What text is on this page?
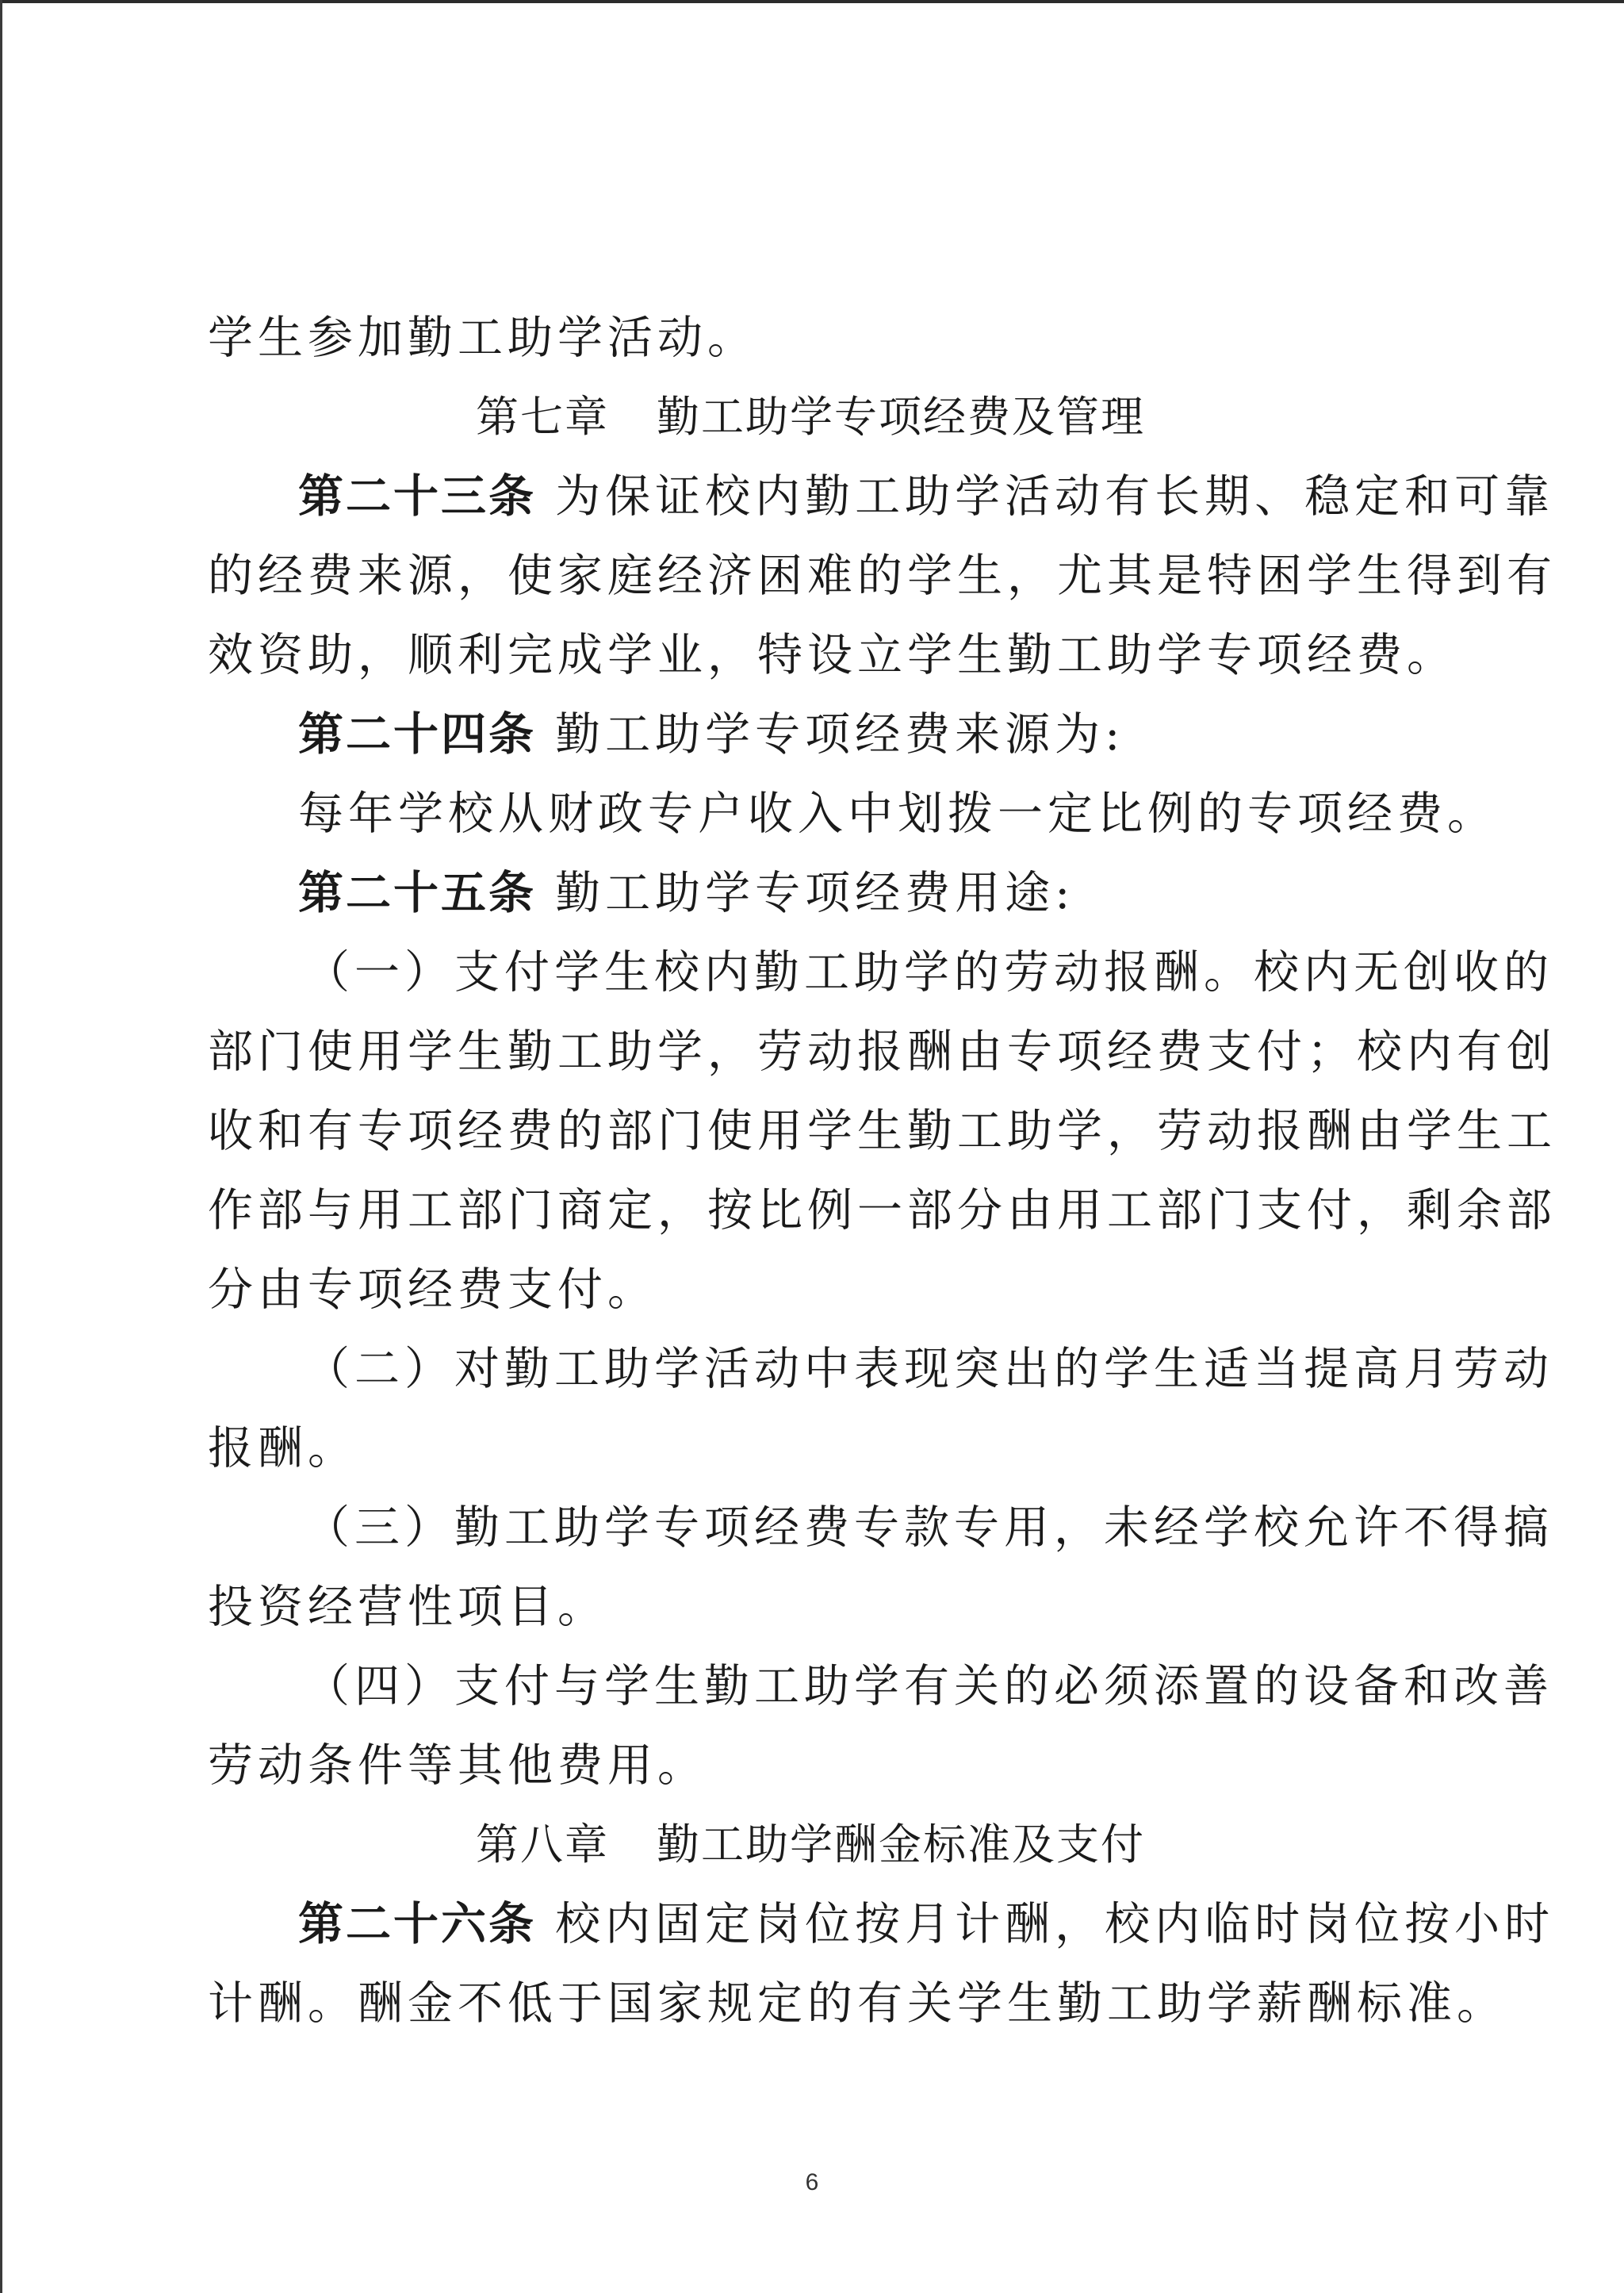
学生参加勤工助学活动。
第七章 勤工助学专项经费及管理
第二十三条 为保证校内勤工助学活动有长期、稳定和可靠
的经费来源，使家庭经济困难的学生，尤其是特困学生得到有
效资助，顺利完成学业，特设立学生勤工助学专项经费。
第二十四条 勤工助学专项经费来源为:
每年学校从财政专户收入中划拨一定比例的专项经费。
第二十五条 勤工助学专项经费用途:
（一）支付学生校内勤工助学的劳动报酬。校内无创收的
部门使用学生勤工助学，劳动报酬由专项经费支付；校内有创
收和有专项经费的部门使用学生勤工助学，劳动报酬由学生工
作部与用工部门商定，按比例一部分由用工部门支付，剩余部
分由专项经费支付。
（二）对勤工助学活动中表现突出的学生适当提高月劳动
报酬。
（三）勤工助学专项经费专款专用，未经学校允许不得搞
投资经营性项目。
（四）支付与学生勤工助学有关的必须添置的设备和改善
劳动条件等其他费用。
第八章 勤工助学酬金标准及支付
第二十六条 校内固定岗位按月计酬，校内临时岗位按小时
计酬。酬金不低于国家规定的有关学生勤工助学薪酬标准。
6
